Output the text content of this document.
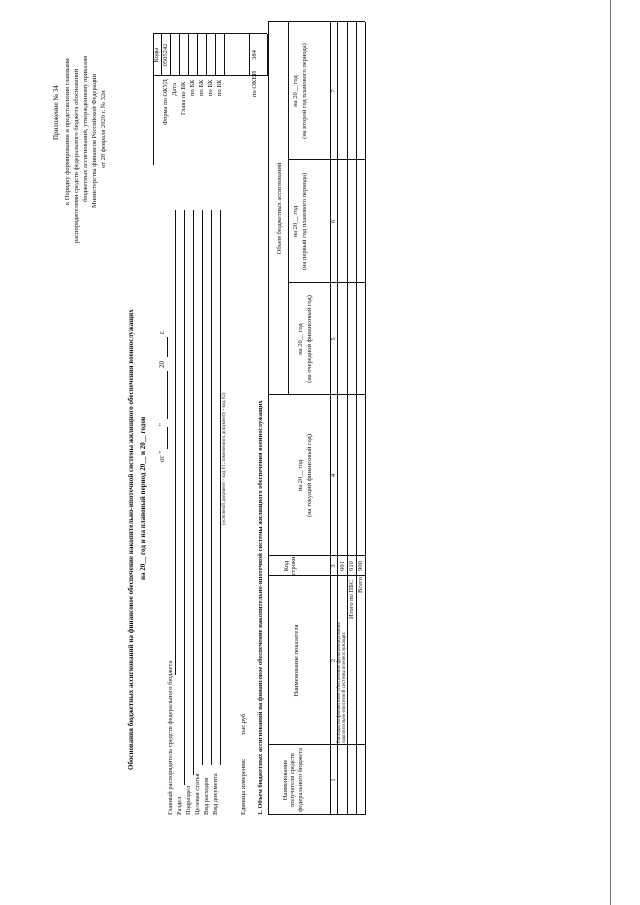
Приложение № 34 к Порядку формирования и представления главными распорядителями средств федерального бюджета обоснований бюджетных ассигнований, утвержденному приказом Министерства финансов Российской Федерации от 28 февраля 2020 г. № 32н
Обоснования бюджетных ассигнований на финансовое обеспечение накопительно-ипотечной системы жилищного обеспечения военнослужащих на 20__ год и на плановый период 20__ и 20__ годов
Коды 0505242	384
Форма по ОКУД Дата Глава по БК по БК по БК по БК по БК
от "
"
20
г.
Главный распорядитель средств федерального бюджета Раздел Подраздел Целевая статья Вид расходов Вид документа
(основной документ - код 01; изменения к документу - код 02)
Единица измерения:
тыс.руб
по ОКЕИ
1. Объем бюджетных ассигнований на финансовое обеспечение накопительно-ипотечной системы жилищного обеспечения военнослужащих	Наименование получателя средств федерального бюджета
Наименование показателя
Код строки
Объем бюджетных ассигнований
на 20__ год (на текущий финансовый год)
на 20__ год (на очередной финансовый год)
на 20__ год (на первый год планового периода)
на 20__ год (на второй год планового периода)
1
2
3
4
5
6
7
Расходы на финансовое обеспечение функционирования накопительно-ипотечной системы военнослужащих
001
Итого по ПБС
010
Всего
900
